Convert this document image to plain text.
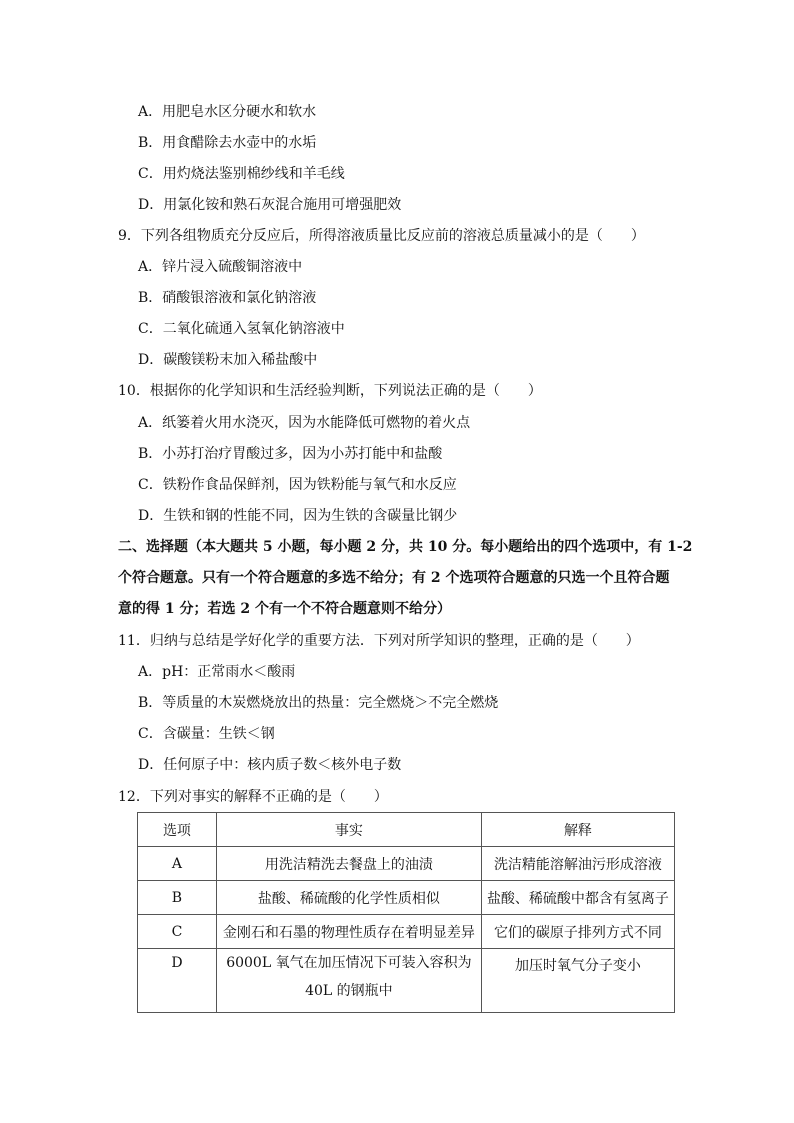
A．用肥皂水区分硬水和软水
B．用食醋除去水壶中的水垢
C．用灼烧法鉴别棉纱线和羊毛线
D．用氯化铵和熟石灰混合施用可增强肥效
9．下列各组物质充分反应后，所得溶液质量比反应前的溶液总质量减小的是（　　）
A．锌片浸入硫酸铜溶液中
B．硝酸银溶液和氯化钠溶液
C．二氧化硫通入氢氧化钠溶液中
D．碳酸镁粉末加入稀盐酸中
10．根据你的化学知识和生活经验判断，下列说法正确的是（　　）
A．纸篓着火用水浇灭，因为水能降低可燃物的着火点
B．小苏打治疗胃酸过多，因为小苏打能中和盐酸
C．铁粉作食品保鲜剂，因为铁粉能与氧气和水反应
D．生铁和钢的性能不同，因为生铁的含碳量比钢少
二、选择题（本大题共 5 小题，每小题 2 分，共 10 分。每小题给出的四个选项中，有 1-2
个符合题意。只有一个符合题意的多选不给分；有 2 个选项符合题意的只选一个且符合题
意的得 1 分；若选 2 个有一个不符合题意则不给分）
11．归纳与总结是学好化学的重要方法．下列对所学知识的整理，正确的是（　　）
A．pH：正常雨水＜酸雨
B．等质量的木炭燃烧放出的热量：完全燃烧＞不完全燃烧
C．含碳量：生铁＜钢
D．任何原子中：核内质子数＜核外电子数
12．下列对事实的解释不正确的是（　　）
选项	事实	解释
A	用洗洁精洗去餐盘上的油渍	洗洁精能溶解油污形成溶液
B	盐酸、稀硫酸的化学性质相似	盐酸、稀硫酸中都含有氢离子
C	金刚石和石墨的物理性质存在着明显差异	它们的碳原子排列方式不同
D	6000L 氧气在加压情况下可装入容积为 40L 的钢瓶中	加压时氧气分子变小
